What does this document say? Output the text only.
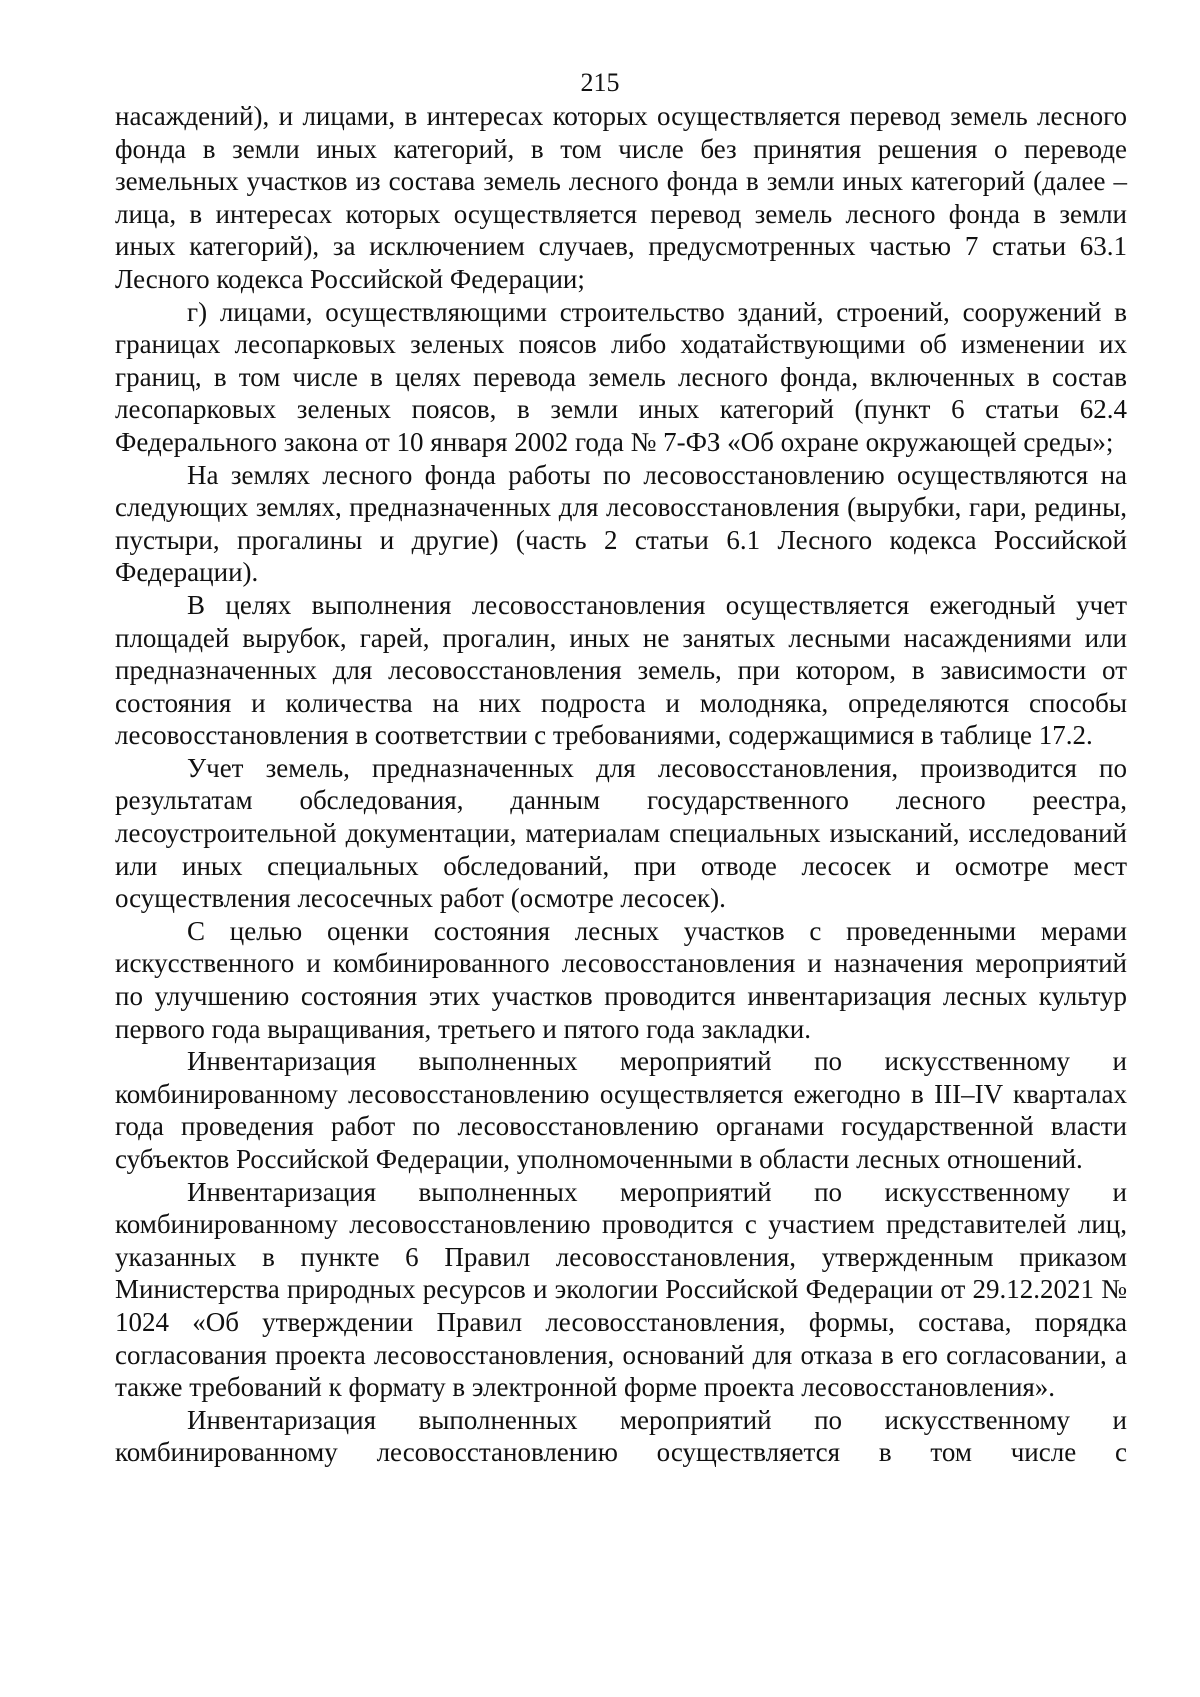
215

насаждений), и лицами, в интересах которых осуществляется перевод земель лесного фонда в земли иных категорий, в том числе без принятия решения о переводе земельных участков из состава земель лесного фонда в земли иных категорий (далее – лица, в интересах которых осуществляется перевод земель лесного фонда в земли иных категорий), за исключением случаев, предусмотренных частью 7 статьи 63.1 Лесного кодекса Российской Федерации;

г) лицами, осуществляющими строительство зданий, строений, сооружений в границах лесопарковых зеленых поясов либо ходатайствующими об изменении их границ, в том числе в целях перевода земель лесного фонда, включенных в состав лесопарковых зеленых поясов, в земли иных категорий (пункт 6 статьи 62.4 Федерального закона от 10 января 2002 года № 7-ФЗ «Об охране окружающей среды»;

На землях лесного фонда работы по лесовосстановлению осуществляются на следующих землях, предназначенных для лесовосстановления (вырубки, гари, редины, пустыри, прогалины и другие) (часть 2 статьи 6.1 Лесного кодекса Российской Федерации).

В целях выполнения лесовосстановления осуществляется ежегодный учет площадей вырубок, гарей, прогалин, иных не занятых лесными насаждениями или предназначенных для лесовосстановления земель, при котором, в зависимости от состояния и количества на них подроста и молодняка, определяются способы лесовосстановления в соответствии с требованиями, содержащимися в таблице 17.2.

Учет земель, предназначенных для лесовосстановления, производится по результатам обследования, данным государственного лесного реестра, лесоустроительной документации, материалам специальных изысканий, исследований или иных специальных обследований, при отводе лесосек и осмотре мест осуществления лесосечных работ (осмотре лесосек).

С целью оценки состояния лесных участков с проведенными мерами искусственного и комбинированного лесовосстановления и назначения мероприятий по улучшению состояния этих участков проводится инвентаризация лесных культур первого года выращивания, третьего и пятого года закладки.

Инвентаризация выполненных мероприятий по искусственному и комбинированному лесовосстановлению осуществляется ежегодно в III–IV кварталах года проведения работ по лесовосстановлению органами государственной власти субъектов Российской Федерации, уполномоченными в области лесных отношений.

Инвентаризация выполненных мероприятий по искусственному и комбинированному лесовосстановлению проводится с участием представителей лиц, указанных в пункте 6 Правил лесовосстановления, утвержденным приказом Министерства природных ресурсов и экологии Российской Федерации от 29.12.2021 № 1024 «Об утверждении Правил лесовосстановления, формы, состава, порядка согласования проекта лесовосстановления, оснований для отказа в его согласовании, а также требований к формату в электронной форме проекта лесовосстановления».

Инвентаризация выполненных мероприятий по искусственному и комбинированному лесовосстановлению осуществляется в том числе с
